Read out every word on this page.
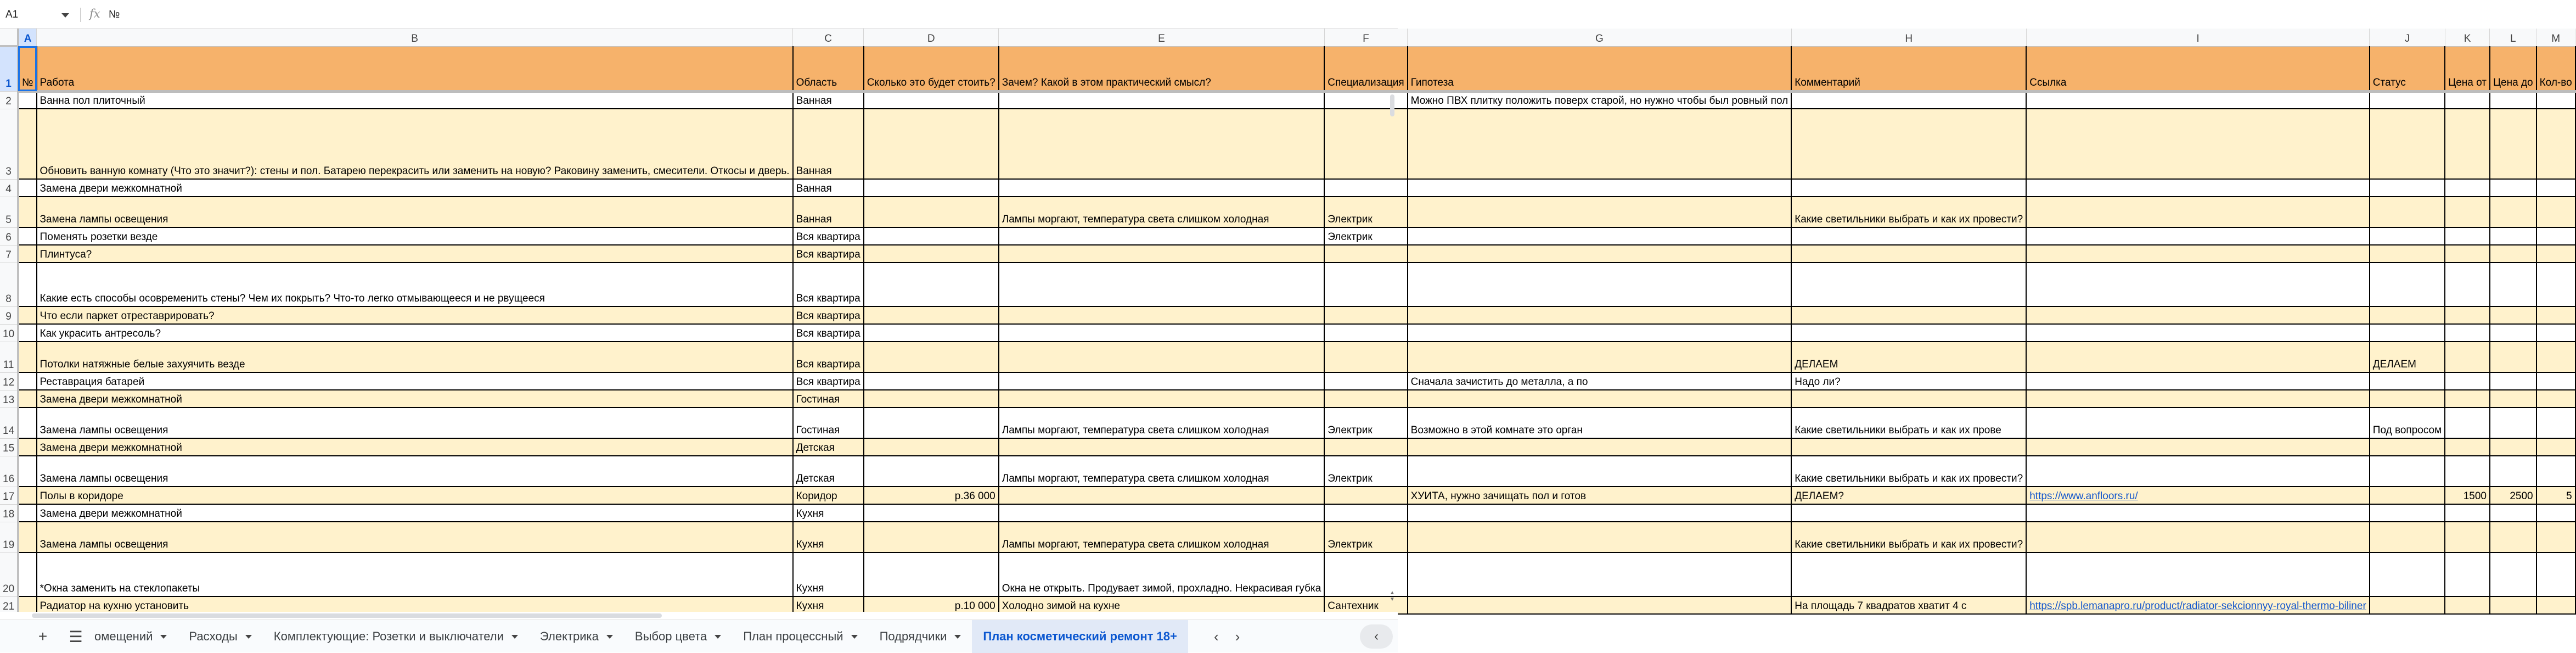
A1	fx №
	A	B	C	D	E	F	G	H	I	J	K	L	M
1	№	Работа	Область	Сколько это будет стоить?	Зачем? Какой в этом практический смысл?	Специализация	Гипотеза	Комментарий	Ссылка	Статус	Цена от	Цена до	Кол-во
2		Ванна пол плиточный	Ванная				Можно ПВХ плитку положить поверх старой, но нужно чтобы был ровный пол						
3		Обновить ванную комнату (Что это значит?): стены и пол. Батарею перекрасить или заменить на новую? Раковину заменить, смесители. Откосы и дверь.	Ванная										
4		Замена двери межкомнатной	Ванная										
5		Замена лампы освещения	Ванная		Лампы моргают, температура света слишком холодная	Электрик		Какие светильники выбрать и как их провести?					
6		Поменять розетки везде	Вся квартира			Электрик							
7		Плинтуса?	Вся квартира										
8		Какие есть способы осовременить стены? Чем их покрыть? Что-то легко отмывающееся и не рвущееся	Вся квартира										
9		Что если паркет отреставрировать?	Вся квартира										
10		Как украсить антресоль?	Вся квартира										
11		Потолки натяжные белые захуячить везде	Вся квартира					ДЕЛАЕМ		ДЕЛАЕМ			
12		Реставрация батарей	Вся квартира				Сначала зачистить до металла, а по	Надо ли?					
13		Замена двери межкомнатной	Гостиная										
14		Замена лампы освещения	Гостиная		Лампы моргают, температура света слишком холодная	Электрик	Возможно в этой комнате это орган	Какие светильники выбрать и как их прове		Под вопросом			
15		Замена двери межкомнатной	Детская										
16		Замена лампы освещения	Детская		Лампы моргают, температура света слишком холодная	Электрик		Какие светильники выбрать и как их провести?					
17		Полы в коридоре	Коридор	р.36 000			ХУИТА, нужно зачищать пол и готов	ДЕЛАЕМ?	https://www.anfloors.ru/		1500	2500	5
18		Замена двери межкомнатной	Кухня										
19		Замена лампы освещения	Кухня		Лампы моргают, температура света слишком холодная	Электрик		Какие светильники выбрать и как их провести?					
20		*Окна заменить на стеклопакеты	Кухня		Окна не открыть. Продувает зимой, прохладно. Некрасивая губка								
21		Радиатор на кухню установить	Кухня	р.10 000	Холодно зимой на кухне	Сантехник		На площадь 7 квадратов хватит 4 с	https://spb.lemanapro.ru/product/radiator-sekcionnyy-royal-thermo-biliner				
▲
▼
+ ☰ омещений	Расходы	Комплектующие: Розетки и выключатели	Электрика	Выбор цвета	План процессный	Подрядчики	План косметический ремонт 18+	‹ ›	‹
